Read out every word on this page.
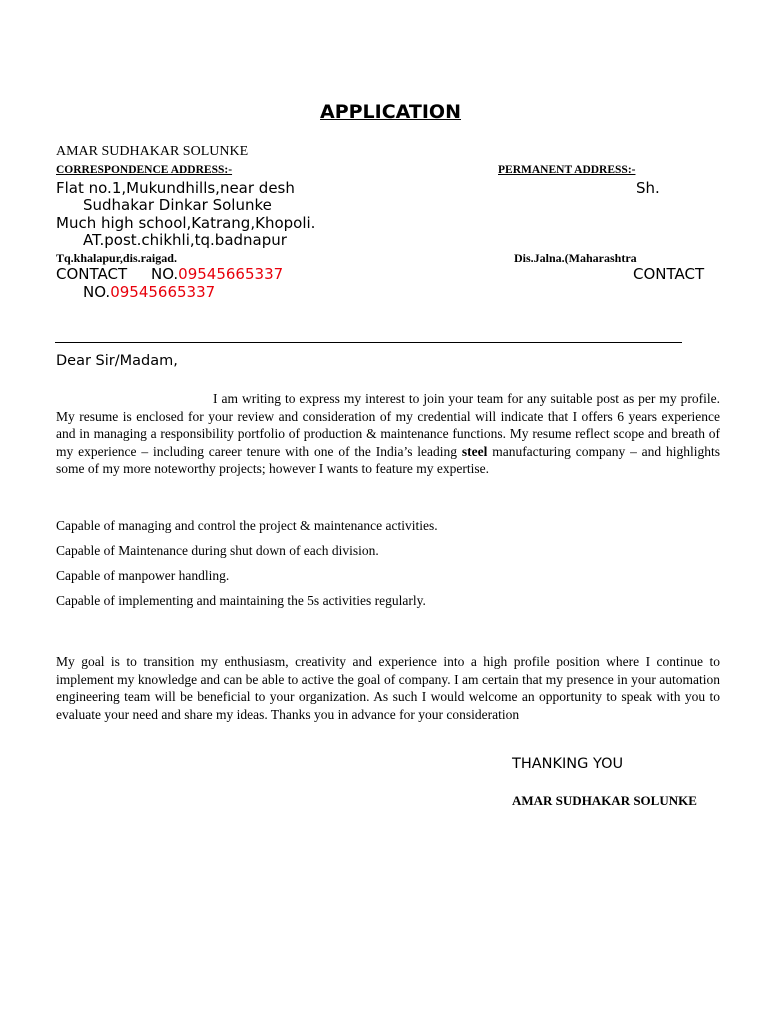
APPLICATION
AMAR SUDHAKAR SOLUNKE
CORRESPONDENCE ADDRESS:-	PERMANENT ADDRESS:-
Flat no.1,Mukundhills,near desh	Sh.
Sudhakar Dinkar Solunke
Much high school,Katrang,Khopoli.
AT.post.chikhli,tq.badnapur
Tq.khalapur,dis.raigad.	Dis.Jalna.(Maharashtra
CONTACT     NO.09545665337	CONTACT
NO.09545665337
Dear Sir/Madam,
I am writing to express my interest to join your team for any suitable post as per my profile. My resume is enclosed for your review and consideration of my credential will indicate that I offers 6 years experience and in managing a responsibility portfolio of production & maintenance functions. My resume reflect scope and breath of my experience – including career tenure with one of the India’s leading steel manufacturing company – and highlights some of my more noteworthy projects; however I wants to feature my expertise.
Capable of managing and control the project & maintenance activities.
Capable of Maintenance during shut down of each division.
Capable of manpower handling.
Capable of implementing and maintaining the 5s activities regularly.
My goal is to transition my enthusiasm, creativity and experience into a high profile position where I continue to implement my knowledge and can be able to active the goal of company. I am certain that my presence in your automation engineering team will be beneficial to your organization. As such I would welcome an opportunity to speak with you to evaluate your need and share my ideas. Thanks you in advance for your consideration
THANKING YOU
AMAR SUDHAKAR SOLUNKE
